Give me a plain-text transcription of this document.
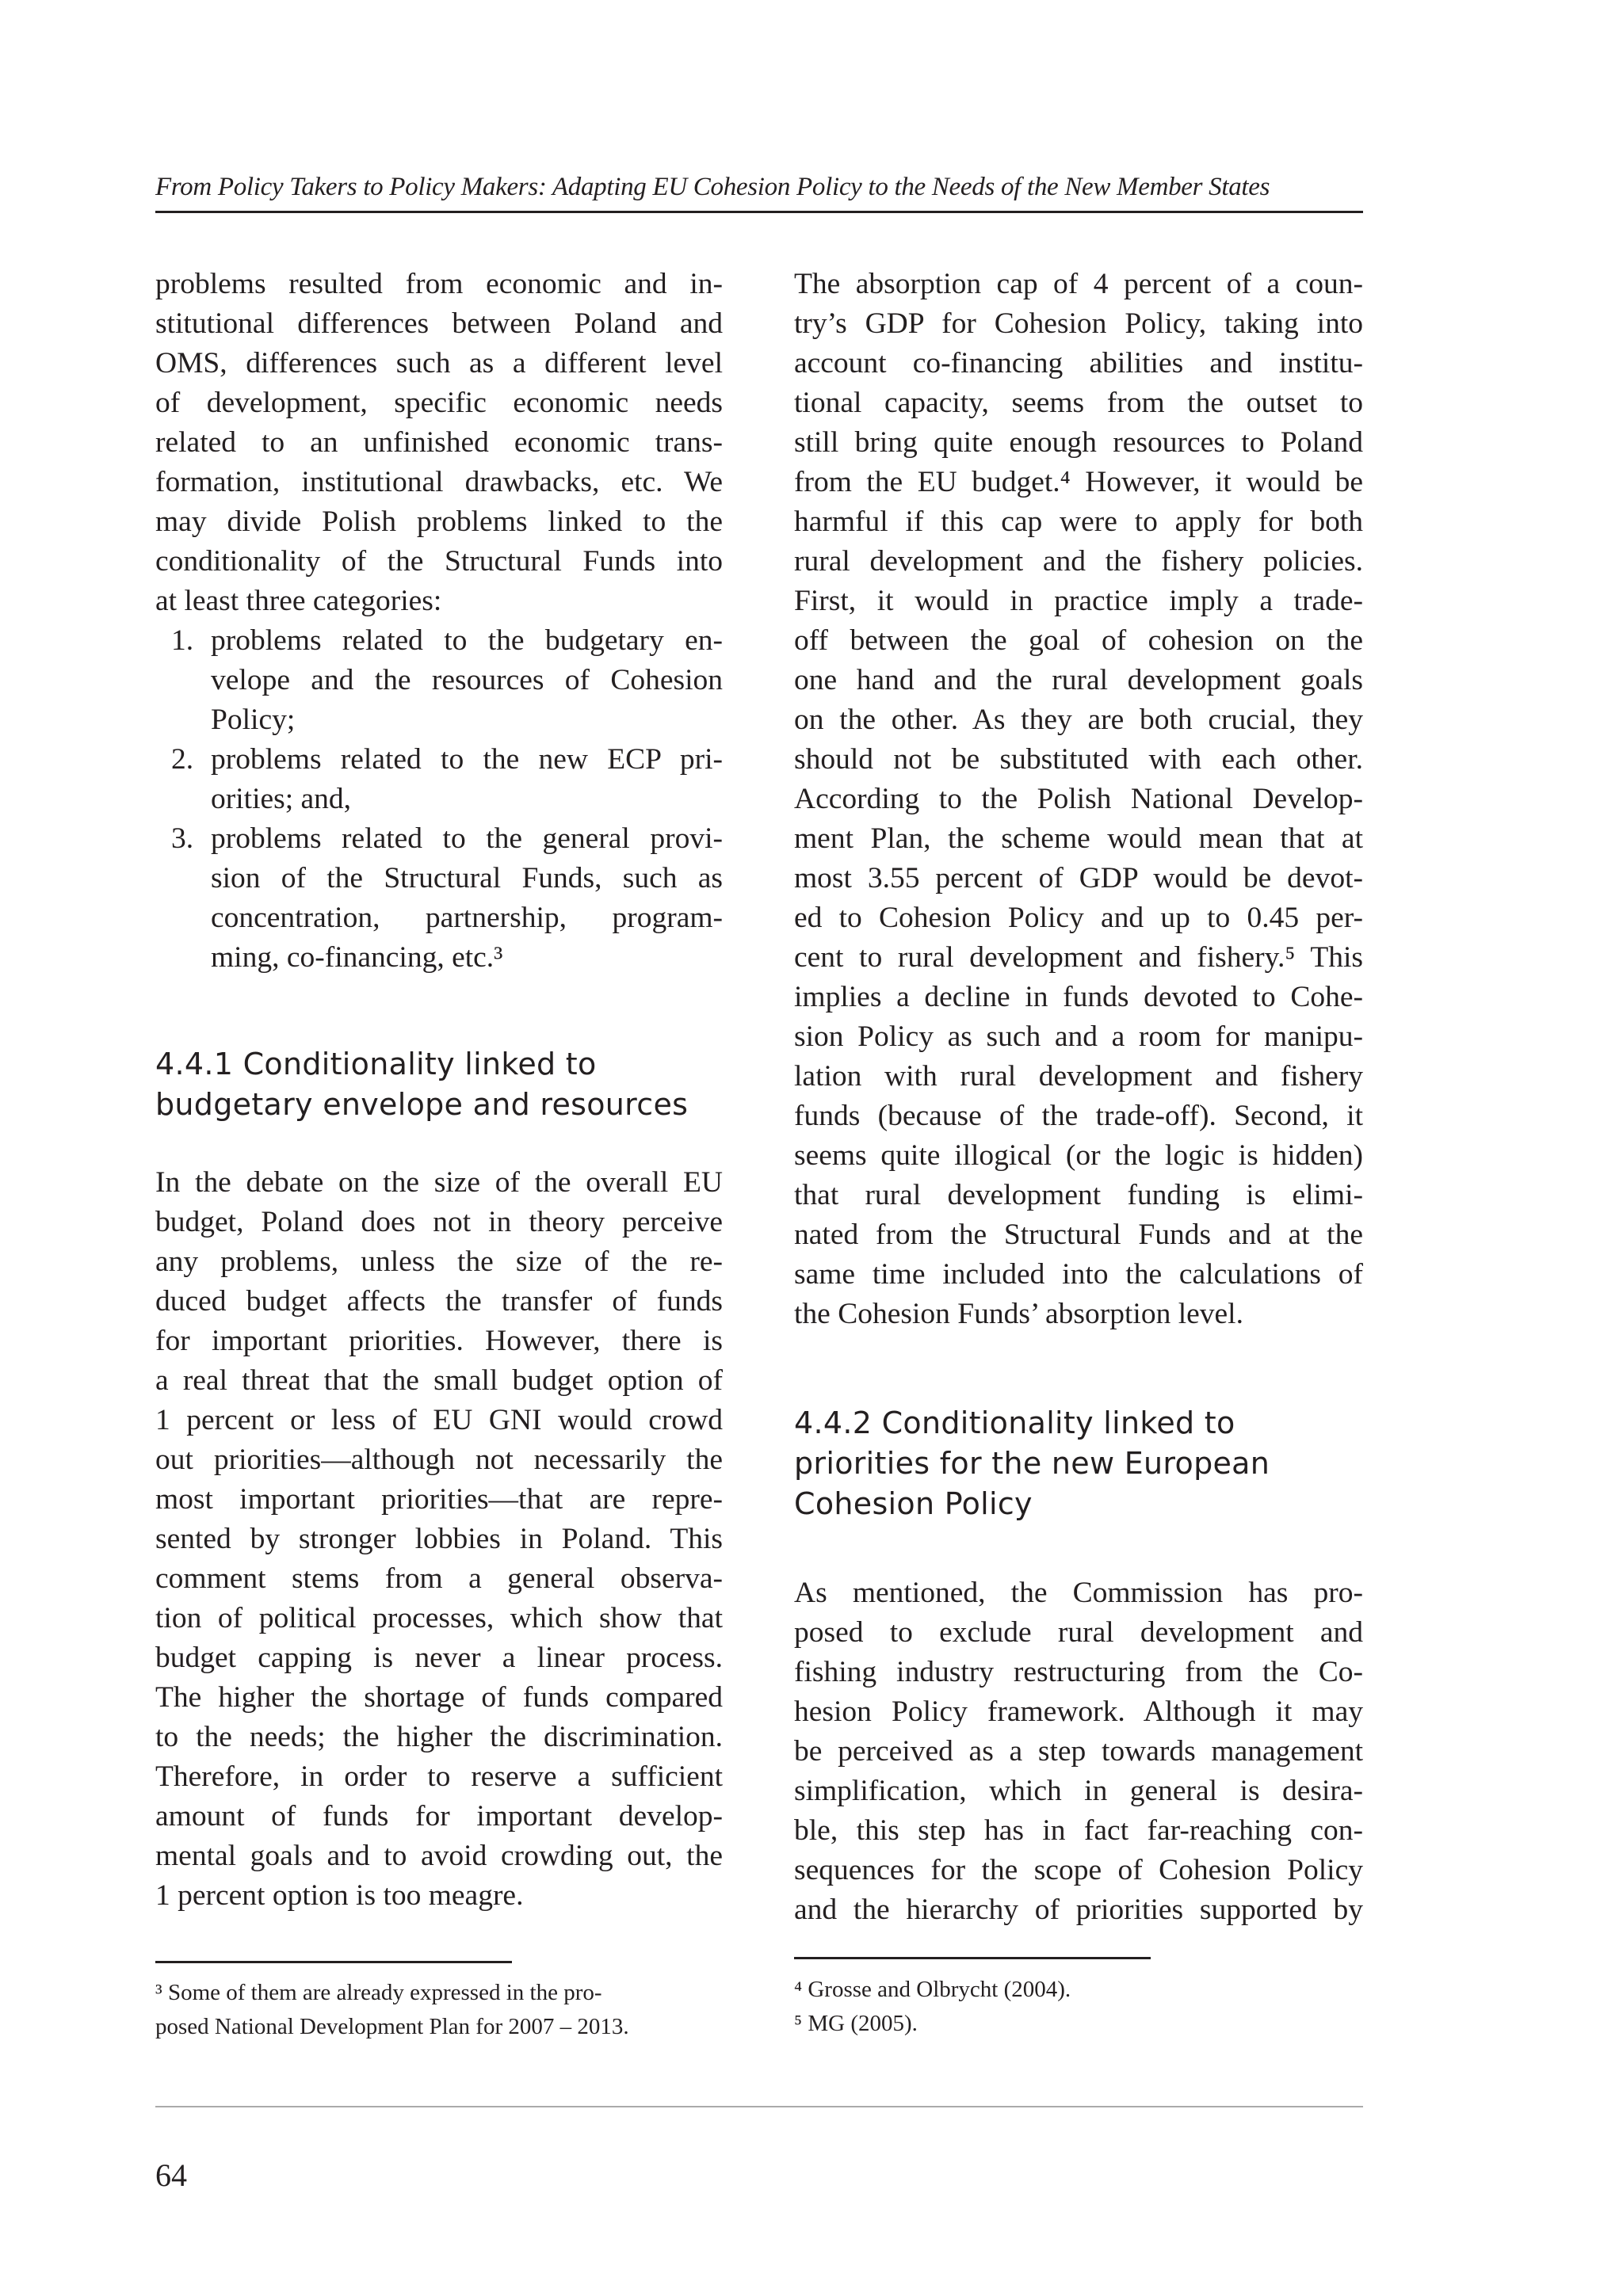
From Policy Takers to Policy Makers: Adapting EU Cohesion Policy to the Needs of the New Member States
problems resulted from economic and in-
stitutional differences between Poland and
OMS, differences such as a different level
of development, specific economic needs
related to an unfinished economic trans-
formation, institutional drawbacks, etc. We
may divide Polish problems linked to the
conditionality of the Structural Funds into
at least three categories:
1. problems related to the budgetary en-
velope and the resources of Cohesion
Policy;
2. problems related to the new ECP pri-
orities; and,
3. problems related to the general provi-
sion of the Structural Funds, such as
concentration, partnership, program-
ming, co-financing, etc.³
4.4.1 Conditionality linked to
budgetary envelope and resources
In the debate on the size of the overall EU
budget, Poland does not in theory perceive
any problems, unless the size of the re-
duced budget affects the transfer of funds
for important priorities. However, there is
a real threat that the small budget option of
1 percent or less of EU GNI would crowd
out priorities—although not necessarily the
most important priorities—that are repre-
sented by stronger lobbies in Poland. This
comment stems from a general observa-
tion of political processes, which show that
budget capping is never a linear process.
The higher the shortage of funds compared
to the needs; the higher the discrimination.
Therefore, in order to reserve a sufficient
amount of funds for important develop-
mental goals and to avoid crowding out, the
1 percent option is too meagre.
³ Some of them are already expressed in the pro-
posed National Development Plan for 2007 – 2013.
The absorption cap of 4 percent of a coun-
try’s GDP for Cohesion Policy, taking into
account co-financing abilities and institu-
tional capacity, seems from the outset to
still bring quite enough resources to Poland
from the EU budget.⁴ However, it would be
harmful if this cap were to apply for both
rural development and the fishery policies.
First, it would in practice imply a trade-
off between the goal of cohesion on the
one hand and the rural development goals
on the other. As they are both crucial, they
should not be substituted with each other.
According to the Polish National Develop-
ment Plan, the scheme would mean that at
most 3.55 percent of GDP would be devot-
ed to Cohesion Policy and up to 0.45 per-
cent to rural development and fishery.⁵ This
implies a decline in funds devoted to Cohe-
sion Policy as such and a room for manipu-
lation with rural development and fishery
funds (because of the trade-off). Second, it
seems quite illogical (or the logic is hidden)
that rural development funding is elimi-
nated from the Structural Funds and at the
same time included into the calculations of
the Cohesion Funds’ absorption level.
4.4.2 Conditionality linked to
priorities for the new European
Cohesion Policy
As mentioned, the Commission has pro-
posed to exclude rural development and
fishing industry restructuring from the Co-
hesion Policy framework. Although it may
be perceived as a step towards management
simplification, which in general is desira-
ble, this step has in fact far-reaching con-
sequences for the scope of Cohesion Policy
and the hierarchy of priorities supported by
⁴ Grosse and Olbrycht (2004).
⁵ MG (2005).
64
